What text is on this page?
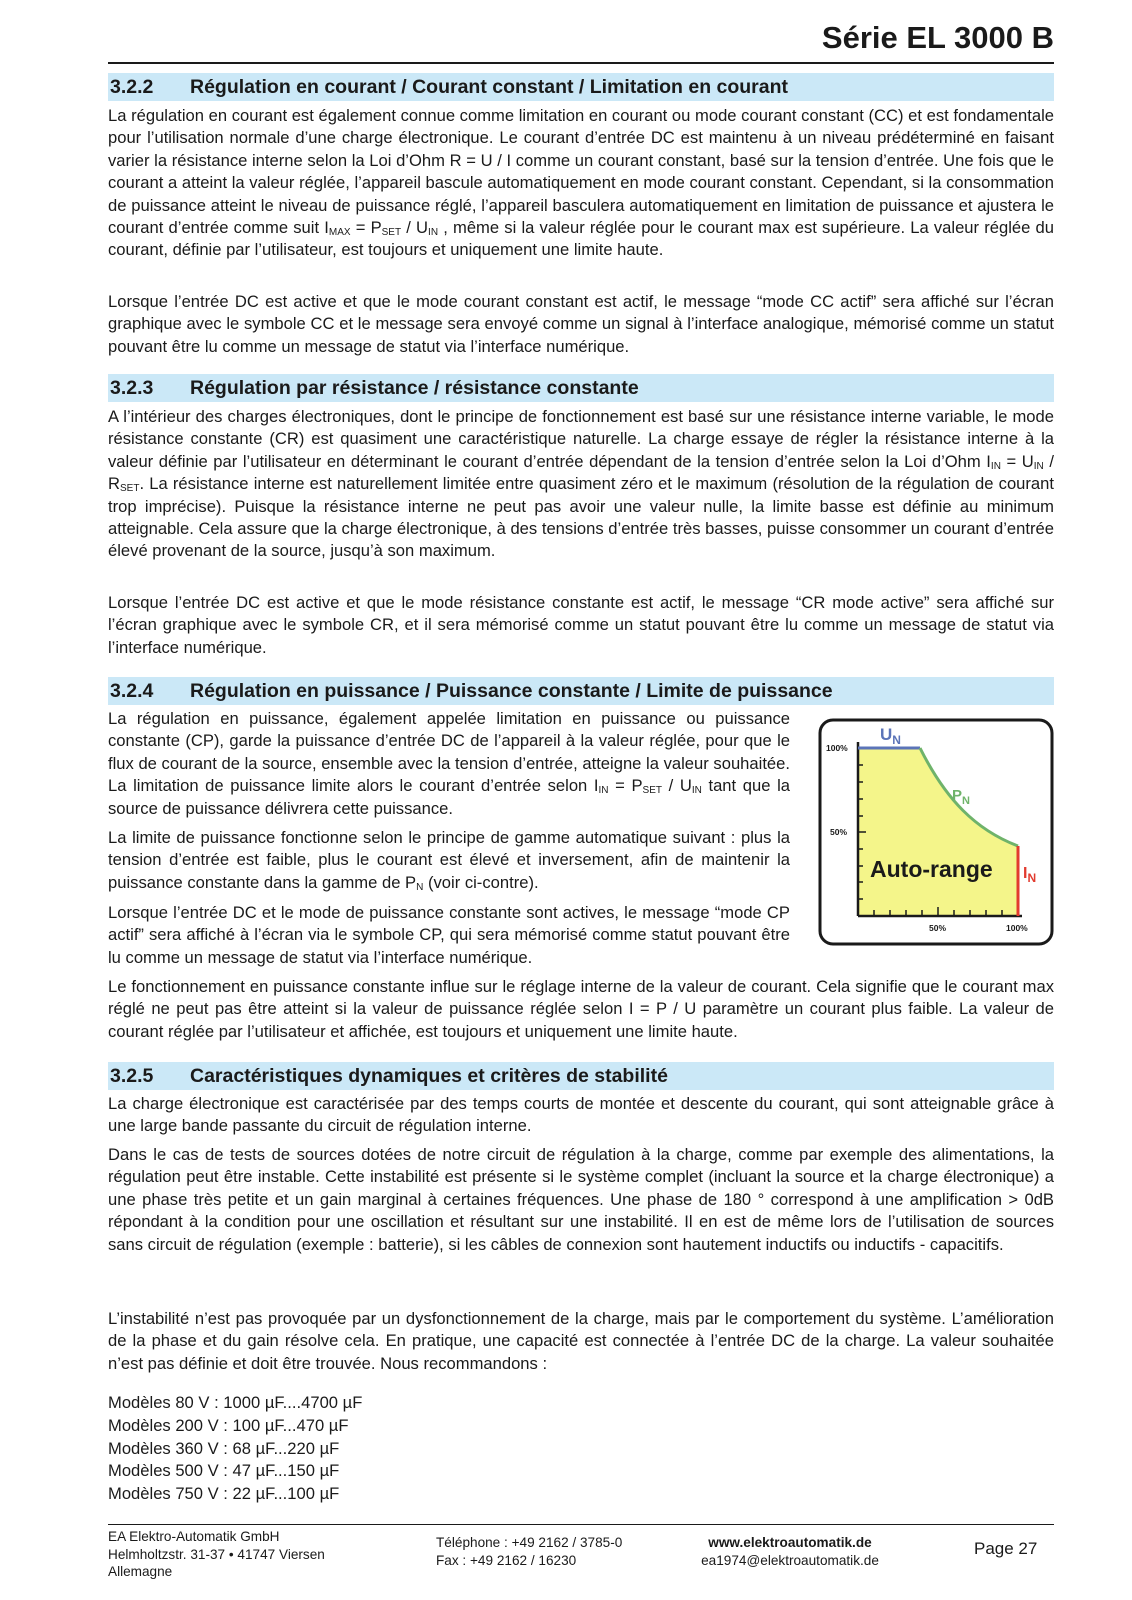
Série EL 3000 B
3.2.2 Régulation en courant / Courant constant / Limitation en courant

La régulation en courant est également connue comme limitation en courant ou mode courant constant (CC) et est fondamentale pour l’utilisation normale d’une charge électronique. Le courant d’entrée DC est maintenu à un niveau prédéterminé en faisant varier la résistance interne selon la Loi d’Ohm R = U / I comme un courant constant, basé sur la tension d’entrée. Une fois que le courant a atteint la valeur réglée, l’appareil bascule automatiquement en mode courant constant. Cependant, si la consommation de puissance atteint le niveau de puissance réglé, l’appareil basculera automatiquement en limitation de puissance et ajustera le courant d’entrée comme suit $I_{MAX} = P_{SET} / U_{IN}$ , même si la valeur réglée pour le courant max est supérieure. La valeur réglée du courant, définie par l’utilisateur, est toujours et uniquement une limite haute.

Lorsque l’entrée DC est active et que le mode courant constant est actif, le message “mode CC actif” sera affiché sur l’écran graphique avec le symbole CC et le message sera envoyé comme un signal à l’interface analogique, mémorisé comme un statut pouvant être lu comme un message de statut via l’interface numérique.

3.2.3 Régulation par résistance / résistance constante

A l’intérieur des charges électroniques, dont le principe de fonctionnement est basé sur une résistance interne variable, le mode résistance constante (CR) est quasiment une caractéristique naturelle. La charge essaye de régler la résistance interne à la valeur définie par l’utilisateur en déterminant le courant d’entrée dépendant de la tension d’entrée selon la Loi d’Ohm $I_{IN} = U_{IN} / R_{SET}$. La résistance interne est naturellement limitée entre quasiment zéro et le maximum (résolution de la régulation de courant trop imprécise). Puisque la résistance interne ne peut pas avoir une valeur nulle, la limite basse est définie au minimum atteignable. Cela assure que la charge électronique, à des tensions d’entrée très basses, puisse consommer un courant d’entrée élevé provenant de la source, jusqu’à son maximum.

Lorsque l’entrée DC est active et que le mode résistance constante est actif, le message “CR mode active” sera affiché sur l’écran graphique avec le symbole CR, et il sera mémorisé comme un statut pouvant être lu comme un message de statut via l’interface numérique.

3.2.4 Régulation en puissance / Puissance constante / Limite de puissance

La régulation en puissance, également appelée limitation en puissance ou puissance constante (CP), garde la puissance d’entrée DC de l’appareil à la valeur réglée, pour que le flux de courant de la source, ensemble avec la tension d’entrée, atteigne la valeur souhaitée. La limitation de puissance limite alors le courant d’entrée selon $I_{IN} = P_{SET} / U_{IN}$ tant que la source de puissance délivrera cette puissance.

La limite de puissance fonctionne selon le principe de gamme automatique suivant : plus la tension d’entrée est faible, plus le courant est élevé et inversement, afin de maintenir la puissance constante dans la gamme de $P_N$ (voir ci-contre).

Lorsque l’entrée DC et le mode de puissance constante sont actives, le message “mode CP actif” sera affiché à l’écran via le symbole CP, qui sera mémorisé comme statut pouvant être lu comme un message de statut via l’interface numérique.

Le fonctionnement en puissance constante influe sur le réglage interne de la valeur de courant. Cela signifie que le courant max réglé ne peut pas être atteint si la valeur de puissance réglée selon I = P / U paramètre un courant plus faible. La valeur de courant réglée par l’utilisateur et affichée, est toujours et uniquement une limite haute.

$U_N$
$P_N$
$I_N$
100%
50%
50%	100%
Auto-range
3.2.5 Caractéristiques dynamiques et critères de stabilité

La charge électronique est caractérisée par des temps courts de montée et descente du courant, qui sont atteignable grâce à une large bande passante du circuit de régulation interne.

Dans le cas de tests de sources dotées de notre circuit de régulation à la charge, comme par exemple des alimentations, la régulation peut être instable. Cette instabilité est présente si le système complet (incluant la source et la charge électronique) a une phase très petite et un gain marginal à certaines fréquences. Une phase de 180 ° correspond à une amplification > 0dB répondant à la condition pour une oscillation et résultant sur une instabilité. Il en est de même lors de l’utilisation de sources sans circuit de régulation (exemple : batterie), si les câbles de connexion sont hautement inductifs ou inductifs - capacitifs.

L’instabilité n’est pas provoquée par un dysfonctionnement de la charge, mais par le comportement du système. L’amélioration de la phase et du gain résolve cela. En pratique, une capacité est connectée à l’entrée DC de la charge. La valeur souhaitée n’est pas définie et doit être trouvée. Nous recommandons :

Modèles 80 V : 1000 µF....4700 µF
Modèles 200 V : 100 µF...470 µF
Modèles 360 V : 68 µF...220 µF
Modèles 500 V : 47 µF...150 µF
Modèles 750 V : 22 µF...100 µF
EA Elektro-Automatik GmbH
Helmholtzstr. 31-37 • 41747 Viersen
Allemagne
Téléphone : +49 2162 / 3785-0
Fax : +49 2162 / 16230
www.elektroautomatik.de
ea1974@elektroautomatik.de
Page 27
